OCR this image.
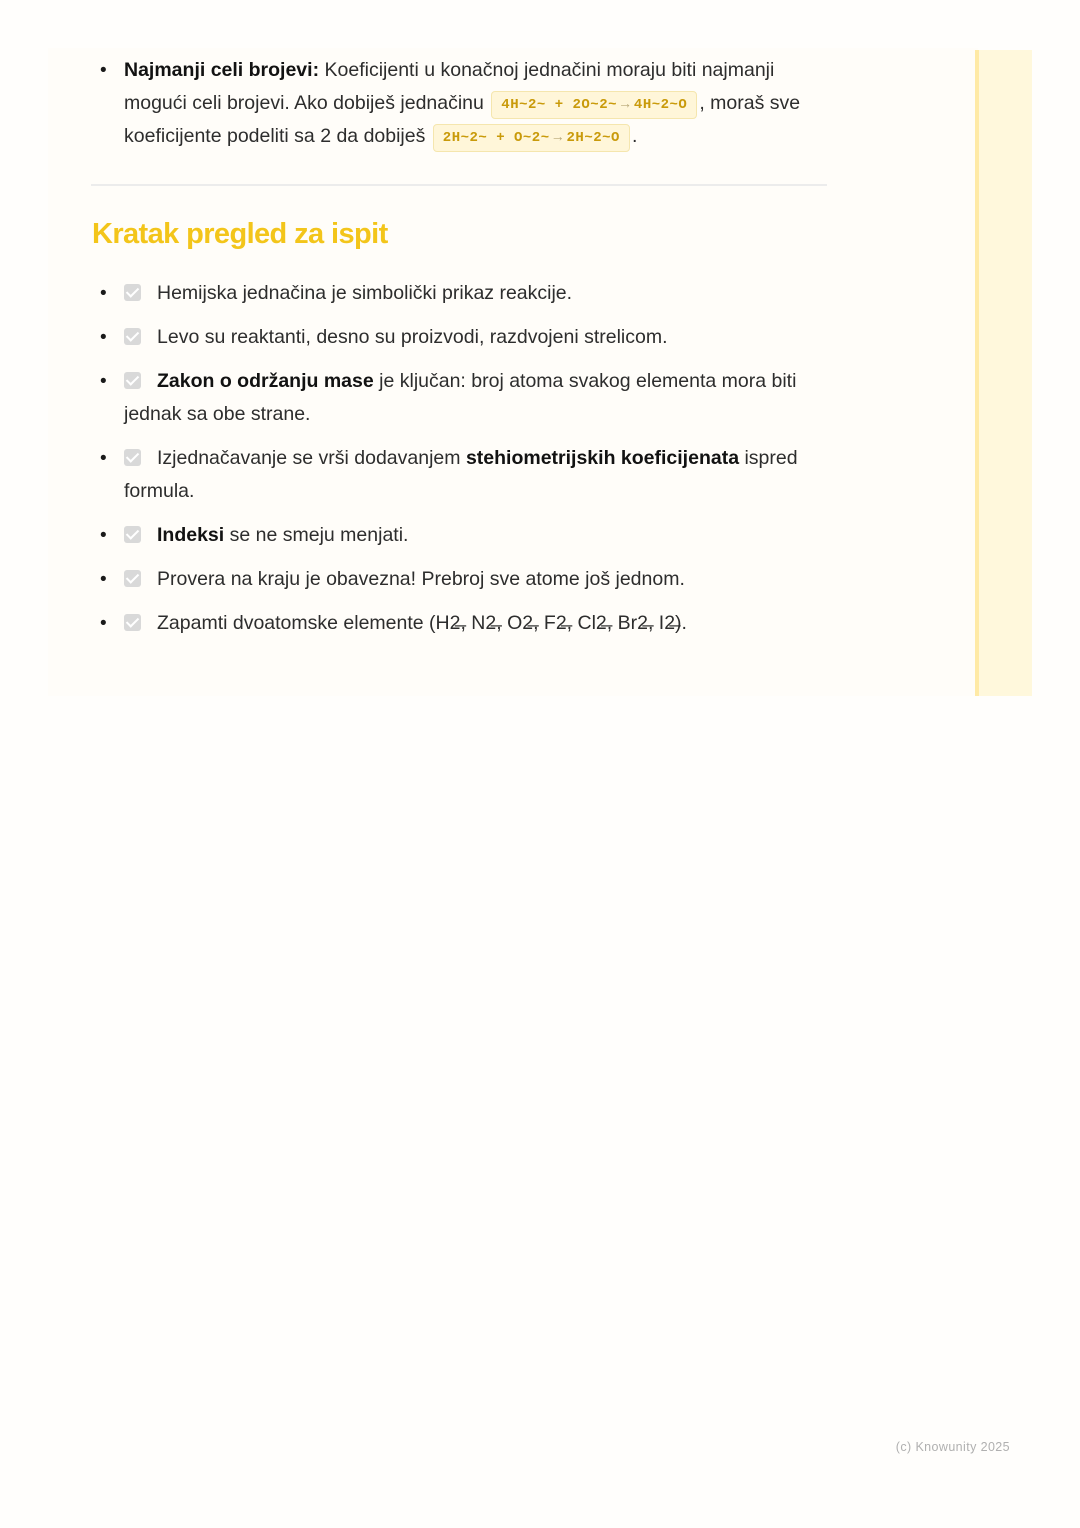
• Najmanji celi brojevi: Koeficijenti u konačnoj jednačini moraju biti najmanji mogući celi brojevi. Ako dobiješ jednačinu 4H~2~ + 2O~2~ → 4H~2~O , moraš sve koeficijente podeliti sa 2 da dobiješ 2H~2~ + O~2~ → 2H~2~O .
Kratak pregled za ispit
•	Hemijska jednačina je simbolički prikaz reakcije.
•	Levo su reaktanti, desno su proizvodi, razdvojeni strelicom.
•	Zakon o održanju mase je ključan: broj atoma svakog elementa mora biti jednak sa obe strane.
•	Izjednačavanje se vrši dodavanjem stehiometrijskih koeficijenata ispred formula.
•	Indeksi se ne smeju menjati.
•	Provera na kraju je obavezna! Prebroj sve atome još jednom.
•	Zapamti dvoatomske elemente (H2̶, N2̶, O2̶, F2̶, Cl2̶, Br2̶, I2̶).
(c) Knowunity 2025
